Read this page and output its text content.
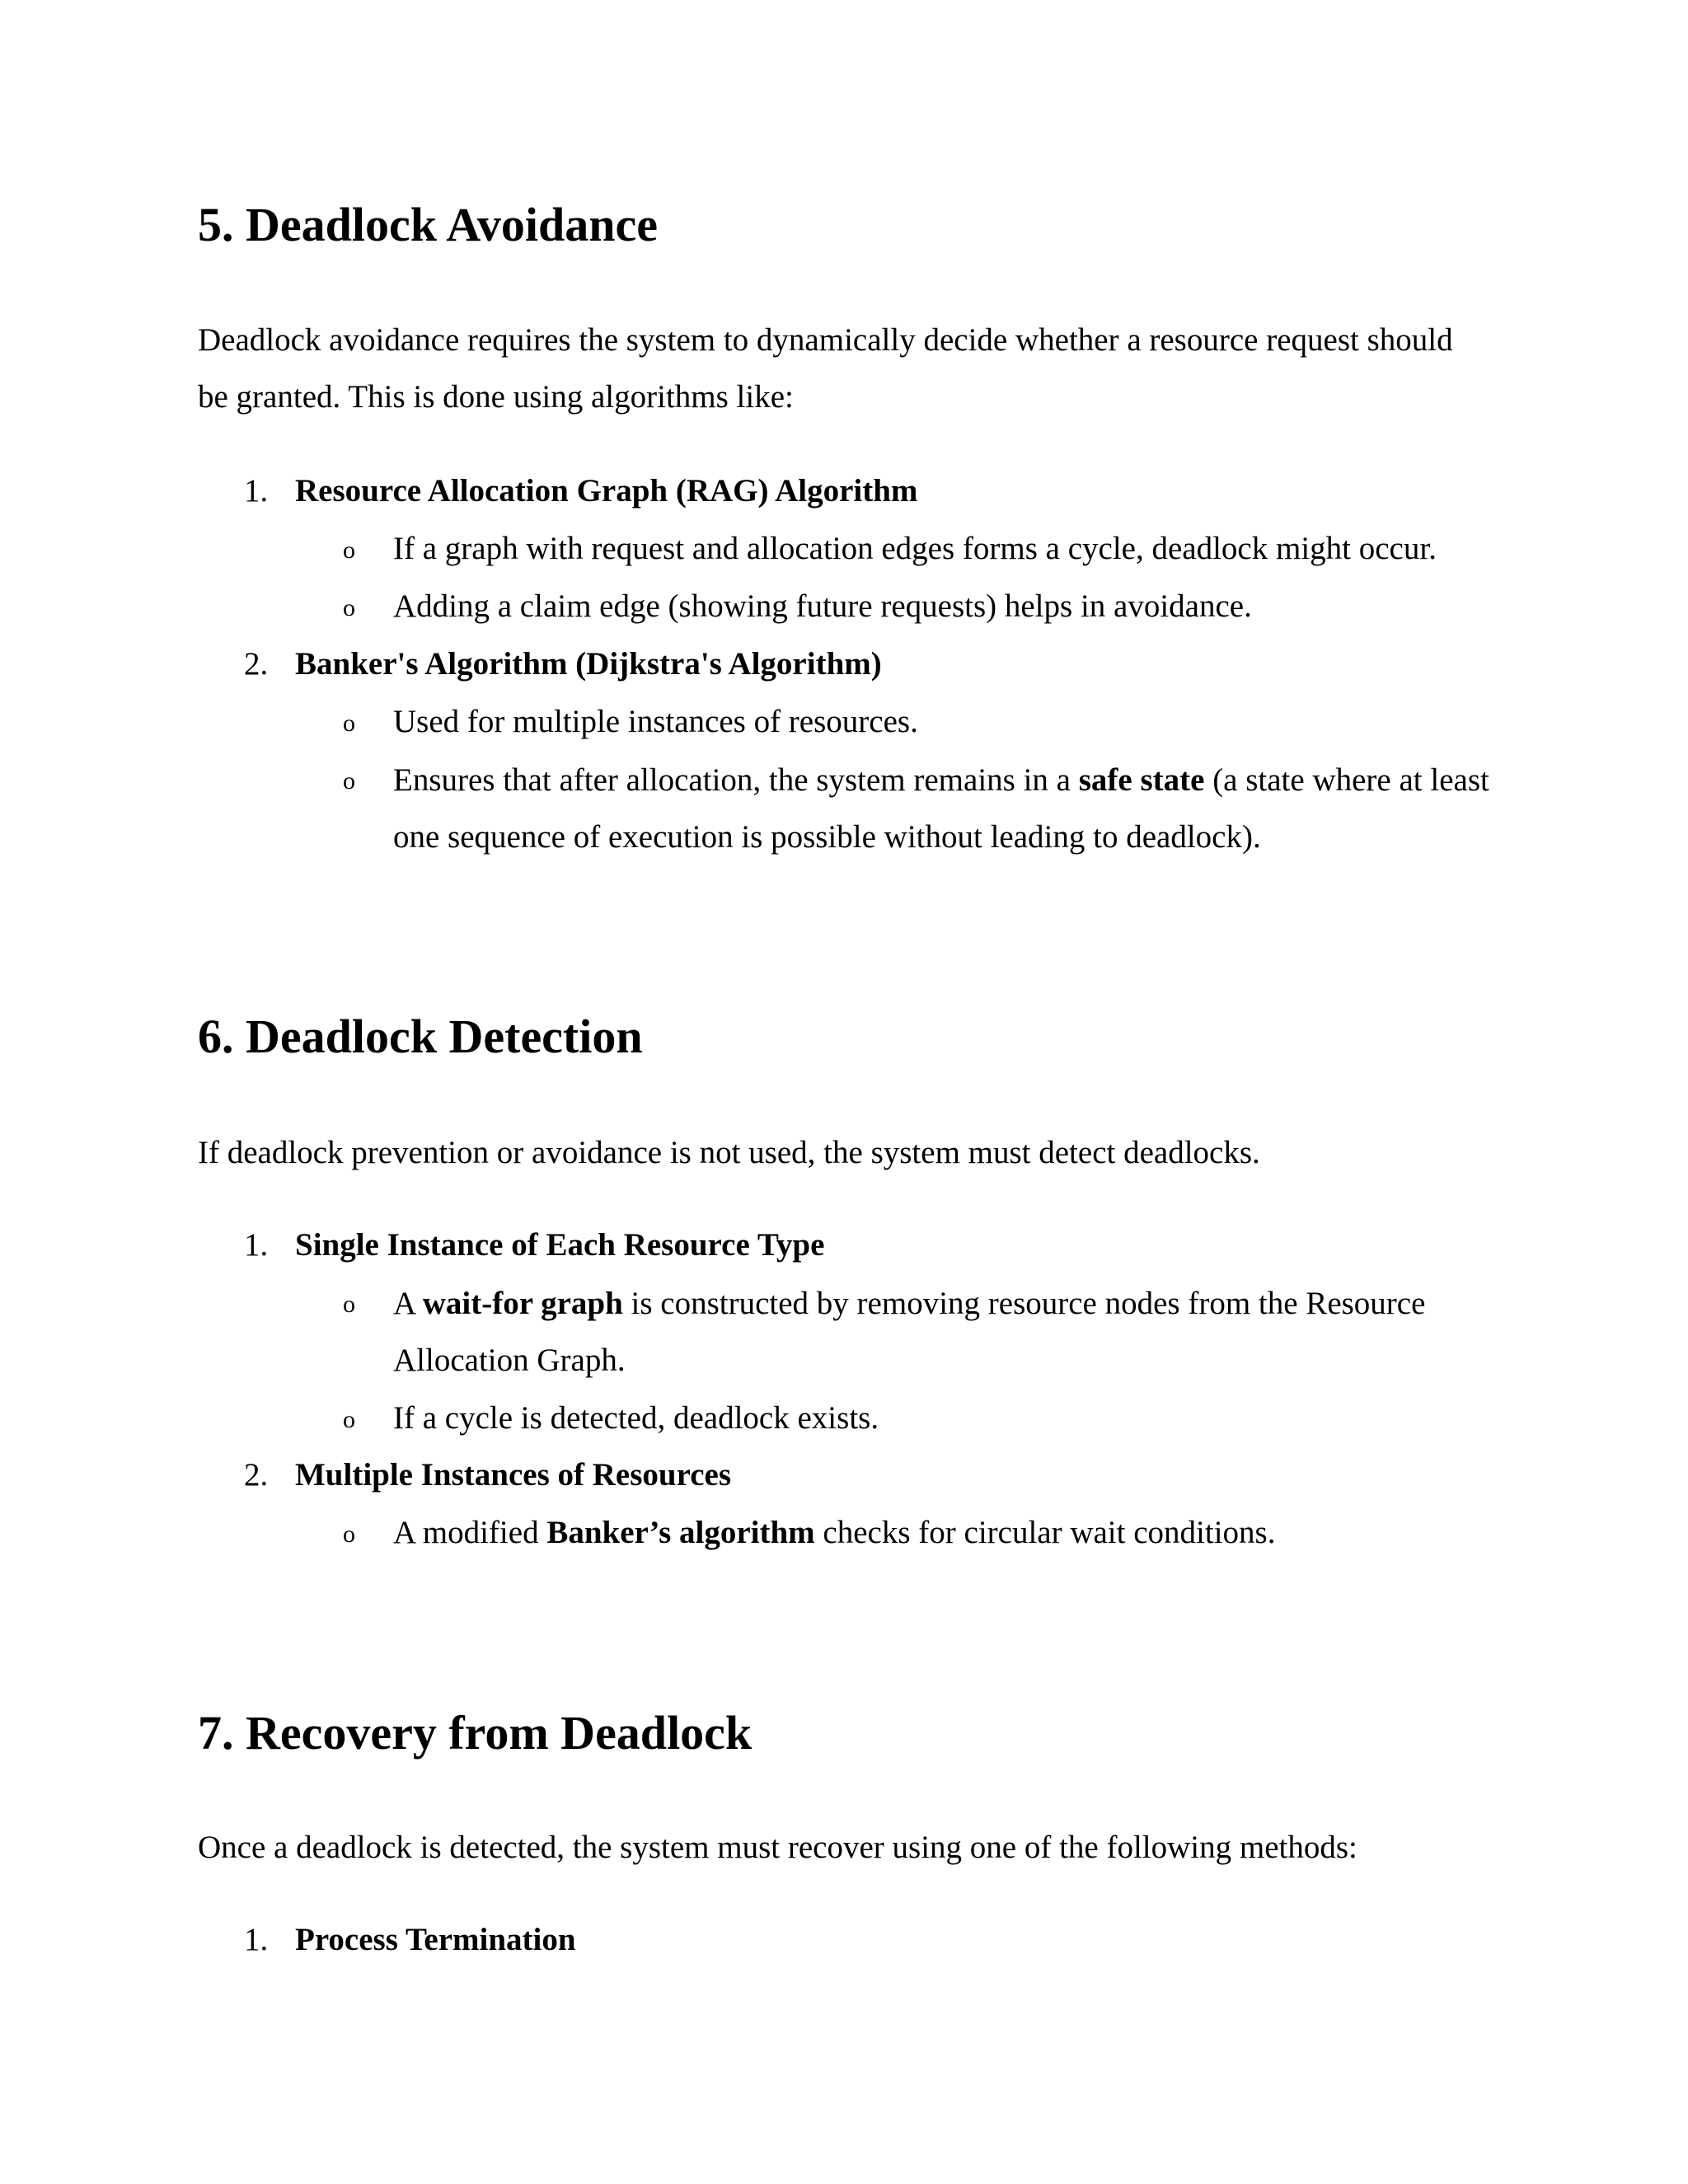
5. Deadlock Avoidance

Deadlock avoidance requires the system to dynamically decide whether a resource request should be granted. This is done using algorithms like:

1. Resource Allocation Graph (RAG) Algorithm
o If a graph with request and allocation edges forms a cycle, deadlock might occur.
o Adding a claim edge (showing future requests) helps in avoidance.
2. Banker's Algorithm (Dijkstra's Algorithm)
o Used for multiple instances of resources.
o Ensures that after allocation, the system remains in a safe state (a state where at least one sequence of execution is possible without leading to deadlock).
6. Deadlock Detection

If deadlock prevention or avoidance is not used, the system must detect deadlocks.

1. Single Instance of Each Resource Type
o A wait-for graph is constructed by removing resource nodes from the Resource Allocation Graph.
o If a cycle is detected, deadlock exists.
2. Multiple Instances of Resources
o A modified Banker’s algorithm checks for circular wait conditions.
7. Recovery from Deadlock

Once a deadlock is detected, the system must recover using one of the following methods:

1. Process Termination
